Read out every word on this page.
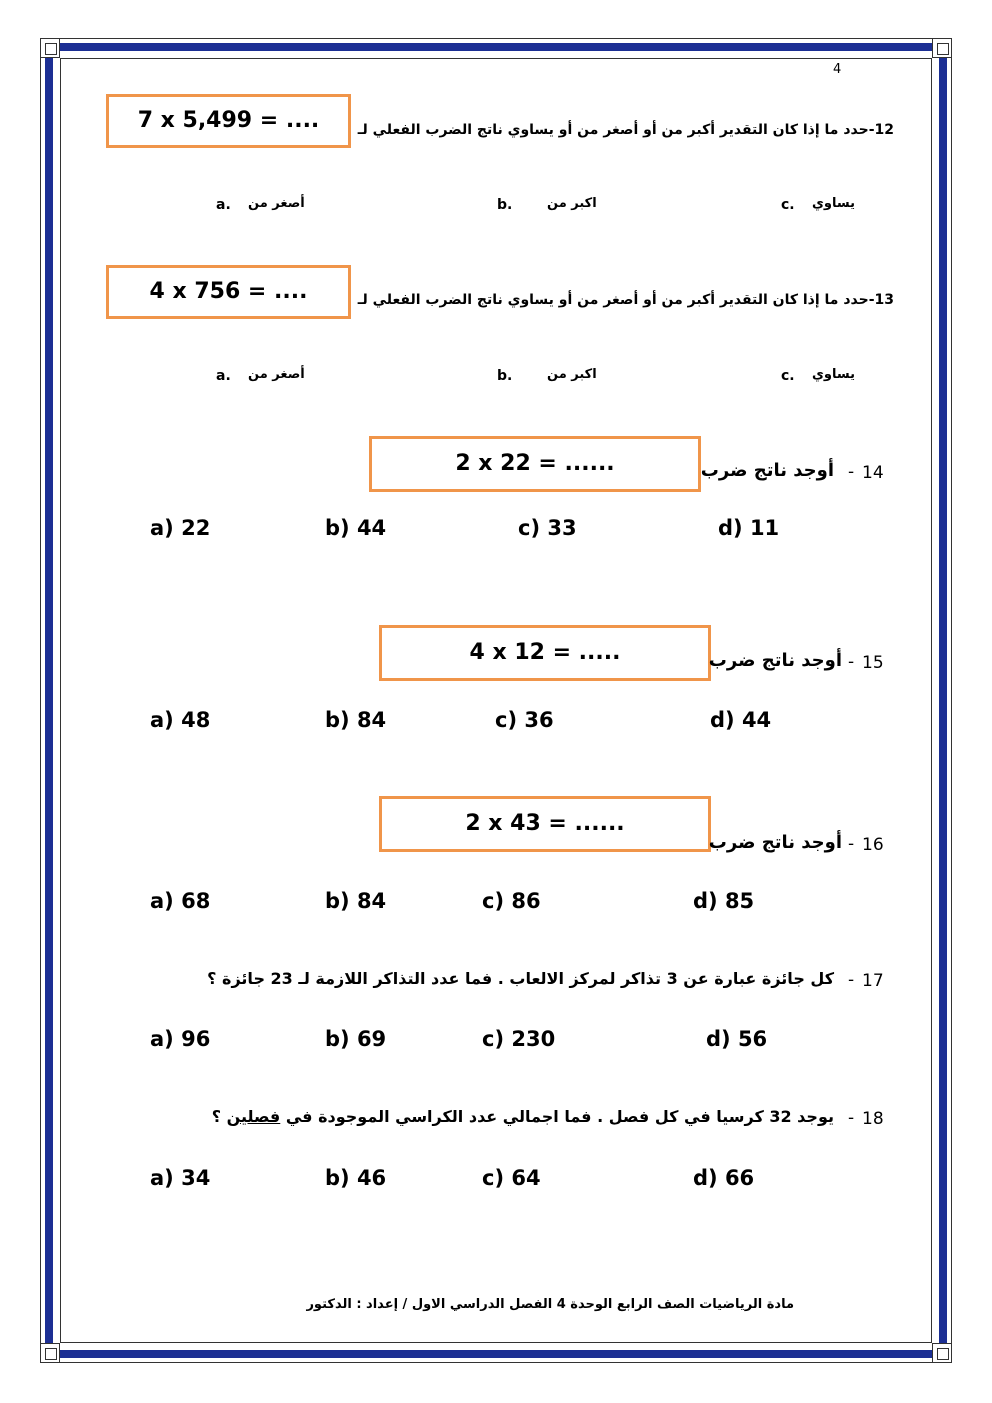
4
7 x 5,499 = ....	12-حدد ما إذا كان التقدير أكبر من أو أصغر من أو يساوي ناتج الضرب الفعلي لـ
a. أصغر من	b.	اكبر من	c. يساوي
4 x 756 = ....	13-حدد ما إذا كان التقدير أكبر من أو أصغر من أو يساوي ناتج الضرب الفعلي لـ
a. أصغر من	b.	اكبر من	c. يساوي
2 x 22 = ......	14
-
أوجد ناتج ضرب
a) 22	b) 44	c) 33	d) 11
4 x 12 = .....	15
-
أوجد ناتج ضرب
a) 48	b) 84	c) 36	d) 44
2 x 43 = ......
16
-
أوجد ناتج ضرب
a) 68	b) 84	c) 86	d) 85
17
-
كل جائزة عبارة عن 3 تذاكر لمركز الالعاب . فما عدد التذاكر اللازمة لـ 23 جائزة ؟
a) 96	b) 69	c) 230	d) 56
18
-
يوجد 32 كرسيا في كل فصل . فما اجمالي عدد الكراسي الموجودة في فصلين ؟
a) 34	b) 46	c) 64	d) 66
مادة الرياضيات الصف الرابع الوحدة 4 الفصل الدراسي الاول / إعداد : الدكتور
